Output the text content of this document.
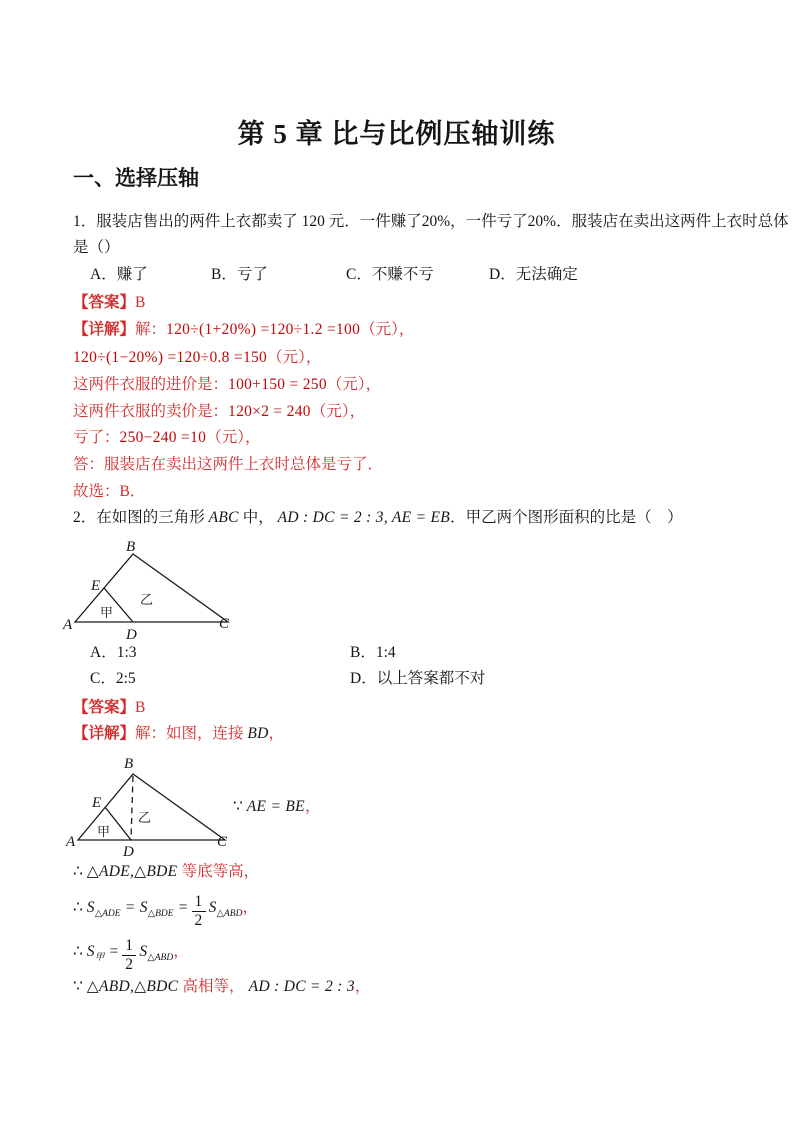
第 5 章 比与比例压轴训练
一、选择压轴
1．服装店售出的两件上衣都卖了 120 元．一件赚了20%，一件亏了20%．服装店在卖出这两件上衣时总体
是（）
A．赚了	B．亏了	C．不赚不亏	D．无法确定
【答案】B
【详解】解：120÷(1+20%) =120÷1.2 =100（元），
120÷(1−20%) =120÷0.8 =150（元），
这两件衣服的进价是：100+150 = 250（元），
这两件衣服的卖价是：120×2 = 240（元），
亏了：250−240 =10（元），
答：服装店在卖出这两件上衣时总体是亏了．
故选：B．
2．在如图的三角形 ABC 中， AD : DC = 2 : 3, AE = EB．甲乙两个图形面积的比是（　）
B
E
A
D
C
甲
乙
A．1:3	B．1:4
C．2:5	D．以上答案都不对
【答案】B
【详解】解：如图，连接 BD，
B
E
A
D
C
甲
乙
∵ AE = BE，
∴ △ADE,△BDE 等底等高，
∴ $S_{\triangle ADE} = S_{\triangle BDE} = \frac{1}{2} S_{\triangle ABD}$，
∴ $S_甲 = \frac{1}{2} S_{\triangle ABD}$，
∵ △ABD,△BDC 高相等， AD : DC = 2 : 3，
